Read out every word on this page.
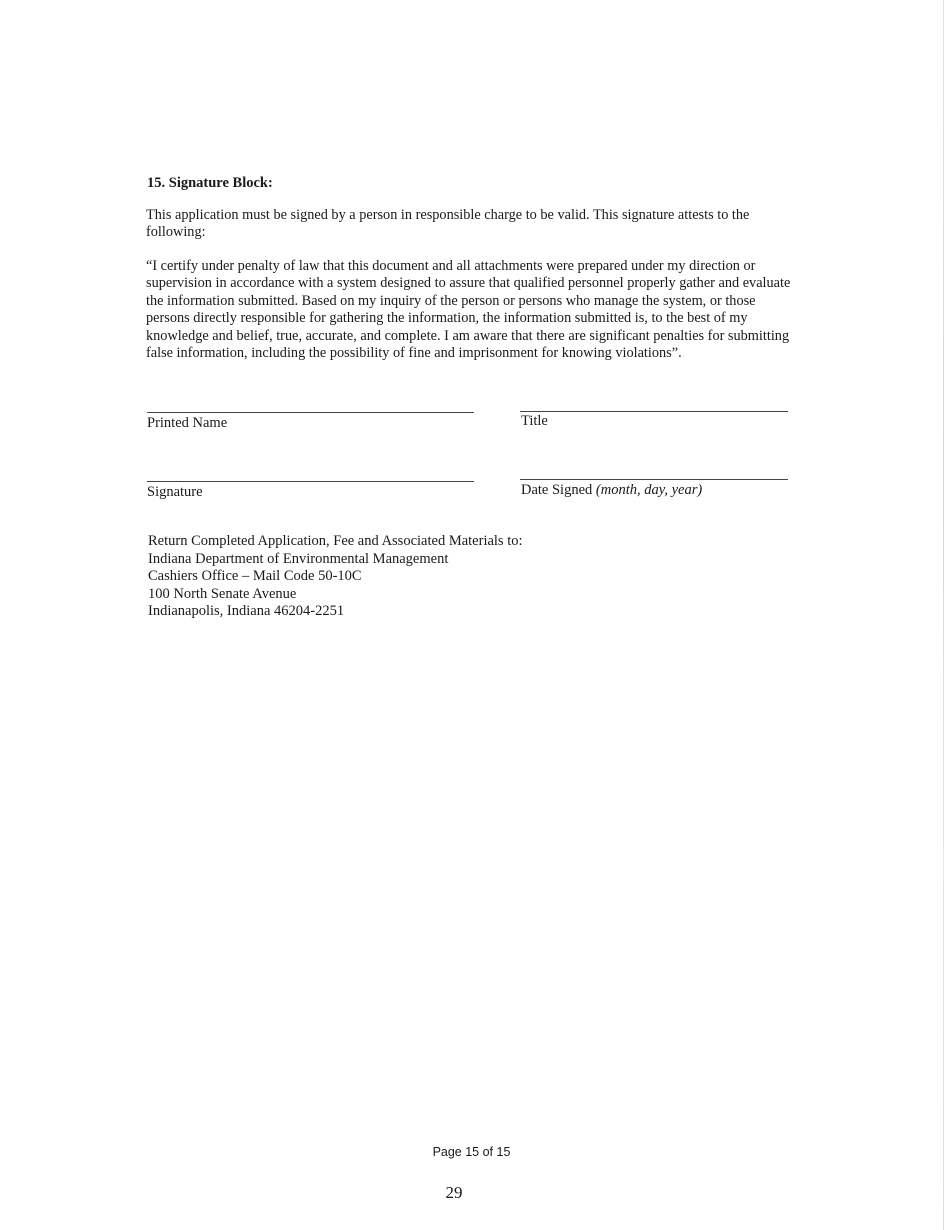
15. Signature Block:
This application must be signed by a person in responsible charge to be valid. This signature attests to the following:
“I certify under penalty of law that this document and all attachments were prepared under my direction or supervision in accordance with a system designed to assure that qualified personnel properly gather and evaluate the information submitted. Based on my inquiry of the person or persons who manage the system, or those persons directly responsible for gathering the information, the information submitted is, to the best of my knowledge and belief, true, accurate, and complete. I am aware that there are significant penalties for submitting false information, including the possibility of fine and imprisonment for knowing violations”.
Printed Name	Title
Signature	Date Signed (month, day, year)
Return Completed Application, Fee and Associated Materials to:
Indiana Department of Environmental Management
Cashiers Office – Mail Code 50-10C
100 North Senate Avenue
Indianapolis, Indiana 46204-2251
Page 15 of 15
29
